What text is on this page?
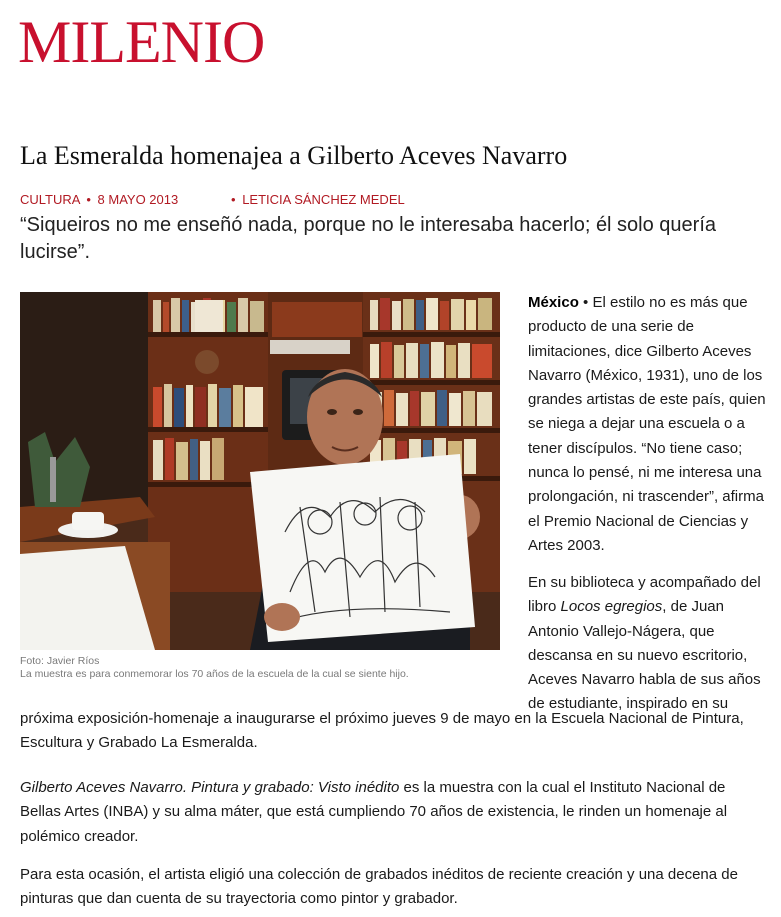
MILENIO
La Esmeralda homenajea a Gilberto Aceves Navarro
CULTURA • 8 MAYO 2013	• LETICIA SÁNCHEZ MEDEL

“Siqueiros no me enseñó nada, porque no le interesaba hacerlo; él solo quería lucirse”.

Foto: Javier Ríos
La muestra es para conmemorar los 70 años de la escuela de la cual se siente hijo.

México • El estilo no es más que producto de una serie de limitaciones, dice Gilberto Aceves Navarro (México, 1931), uno de los grandes artistas de este país, quien se niega a dejar una escuela o a tener discípulos. “No tiene caso; nunca lo pensé, ni me interesa una prolongación, ni trascender”, afirma el Premio Nacional de Ciencias y Artes 2003.

En su biblioteca y acompañado del libro Locos egregios, de Juan Antonio Vallejo-Nágera, que descansa en su nuevo escritorio, Aceves Navarro habla de sus años de estudiante, inspirado en su

próxima exposición-homenaje a inaugurarse el próximo jueves 9 de mayo en la Escuela Nacional de Pintura, Escultura y Grabado La Esmeralda.

Gilberto Aceves Navarro. Pintura y grabado: Visto inédito es la muestra con la cual el Instituto Nacional de Bellas Artes (INBA) y su alma máter, que está cumpliendo 70 años de existencia, le rinden un homenaje al polémico creador.

Para esta ocasión, el artista eligió una colección de grabados inéditos de reciente creación y una decena de pinturas que dan cuenta de su trayectoria como pintor y grabador.
